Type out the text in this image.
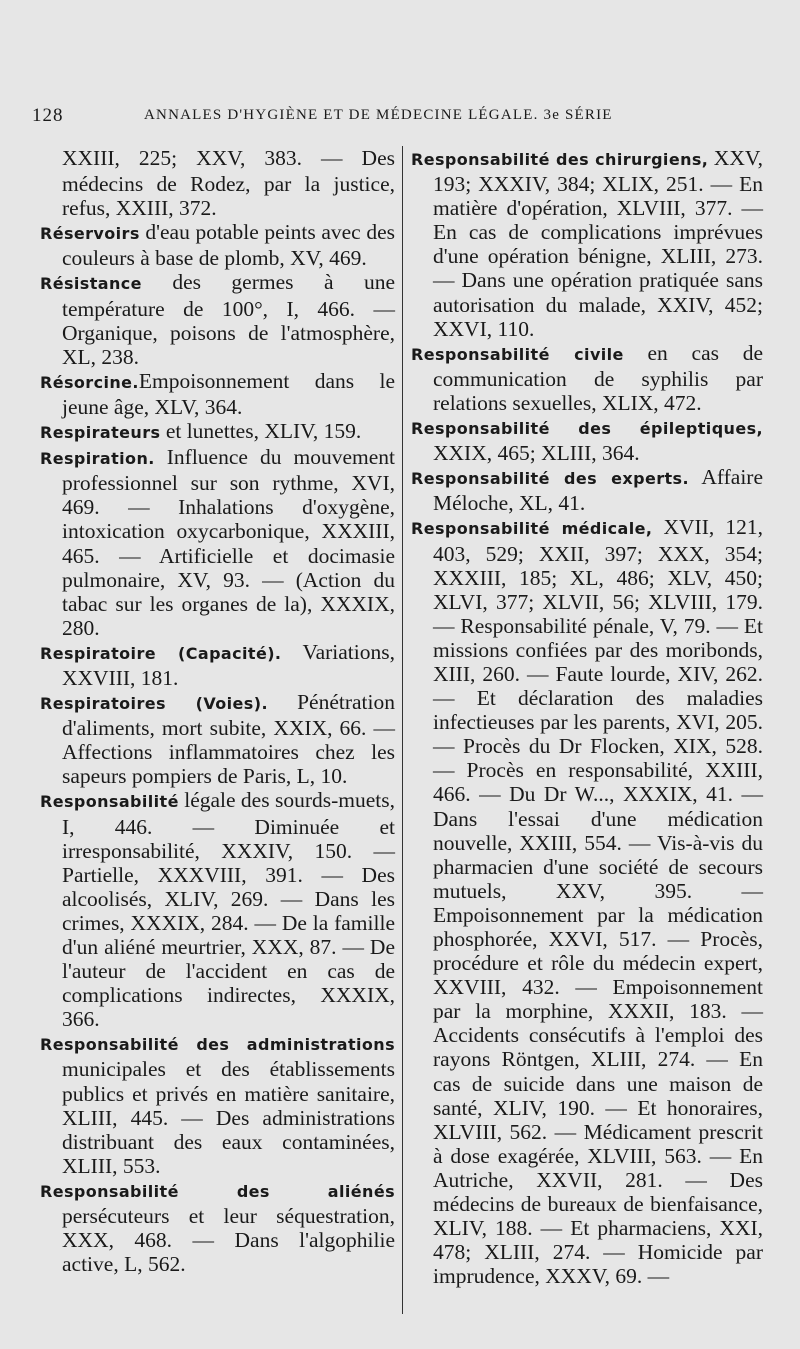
128	ANNALES D'HYGIÈNE ET DE MÉDECINE LÉGALE. 3e SÉRIE

XXIII, 225; XXV, 383. — Des médecins de Rodez, par la justice, refus, XXIII, 372.

Réservoirs d'eau potable peints avec des couleurs à base de plomb, XV, 469.

Résistance des germes à une température de 100°, I, 466. — Organique, poisons de l'atmosphère, XL, 238.

Résorcine.Empoisonnement dans le jeune âge, XLV, 364.

Respirateurs et lunettes, XLIV, 159.

Respiration. Influence du mouvement professionnel sur son rythme, XVI, 469. — Inhalations d'oxygène, intoxication oxycarbonique, XXXIII, 465. — Artificielle et docimasie pulmonaire, XV, 93. — (Action du tabac sur les organes de la), XXXIX, 280.

Respiratoire (Capacité). Variations, XXVIII, 181.

Respiratoires (Voies). Pénétration d'aliments, mort subite, XXIX, 66. — Affections inflammatoires chez les sapeurs pompiers de Paris, L, 10.

Responsabilité légale des sourds-muets, I, 446. — Diminuée et irresponsabilité, XXXIV, 150. — Partielle, XXXVIII, 391. — Des alcoolisés, XLIV, 269. — Dans les crimes, XXXIX, 284. — De la famille d'un aliéné meurtrier, XXX, 87. — De l'auteur de l'accident en cas de complications indirectes, XXXIX, 366.

Responsabilité des administrations municipales et des établissements publics et privés en matière sanitaire, XLIII, 445. — Des administrations distribuant des eaux contaminées, XLIII, 553.

Responsabilité des aliénés persécuteurs et leur séquestration, XXX, 468. — Dans l'algophilie active, L, 562.

Responsabilité des chirurgiens, XXV, 193; XXXIV, 384; XLIX, 251. — En matière d'opération, XLVIII, 377. — En cas de complications imprévues d'une opération bénigne, XLIII, 273. — Dans une opération pratiquée sans autorisation du malade, XXIV, 452; XXVI, 110.

Responsabilité civile en cas de communication de syphilis par relations sexuelles, XLIX, 472.

Responsabilité des épileptiques, XXIX, 465; XLIII, 364.

Responsabilité des experts. Affaire Méloche, XL, 41.

Responsabilité médicale, XVII, 121, 403, 529; XXII, 397; XXX, 354; XXXIII, 185; XL, 486; XLV, 450; XLVI, 377; XLVII, 56; XLVIII, 179. — Responsabilité pénale, V, 79. — Et missions confiées par des moribonds, XIII, 260. — Faute lourde, XIV, 262. — Et déclaration des maladies infectieuses par les parents, XVI, 205. — Procès du Dr Flocken, XIX, 528. — Procès en responsabilité, XXIII, 466. — Du Dr W..., XXXIX, 41. — Dans l'essai d'une médication nouvelle, XXIII, 554. — Vis-à-vis du pharmacien d'une société de secours mutuels, XXV, 395. — Empoisonnement par la médication phosphorée, XXVI, 517. — Procès, procédure et rôle du médecin expert, XXVIII, 432. — Empoisonnement par la morphine, XXXII, 183. — Accidents consécutifs à l'emploi des rayons Röntgen, XLIII, 274. — En cas de suicide dans une maison de santé, XLIV, 190. — Et honoraires, XLVIII, 562. — Médicament prescrit à dose exagérée, XLVIII, 563. — En Autriche, XXVII, 281. — Des médecins de bureaux de bienfaisance, XLIV, 188. — Et pharmaciens, XXI, 478; XLIII, 274. — Homicide par imprudence, XXXV, 69. —
